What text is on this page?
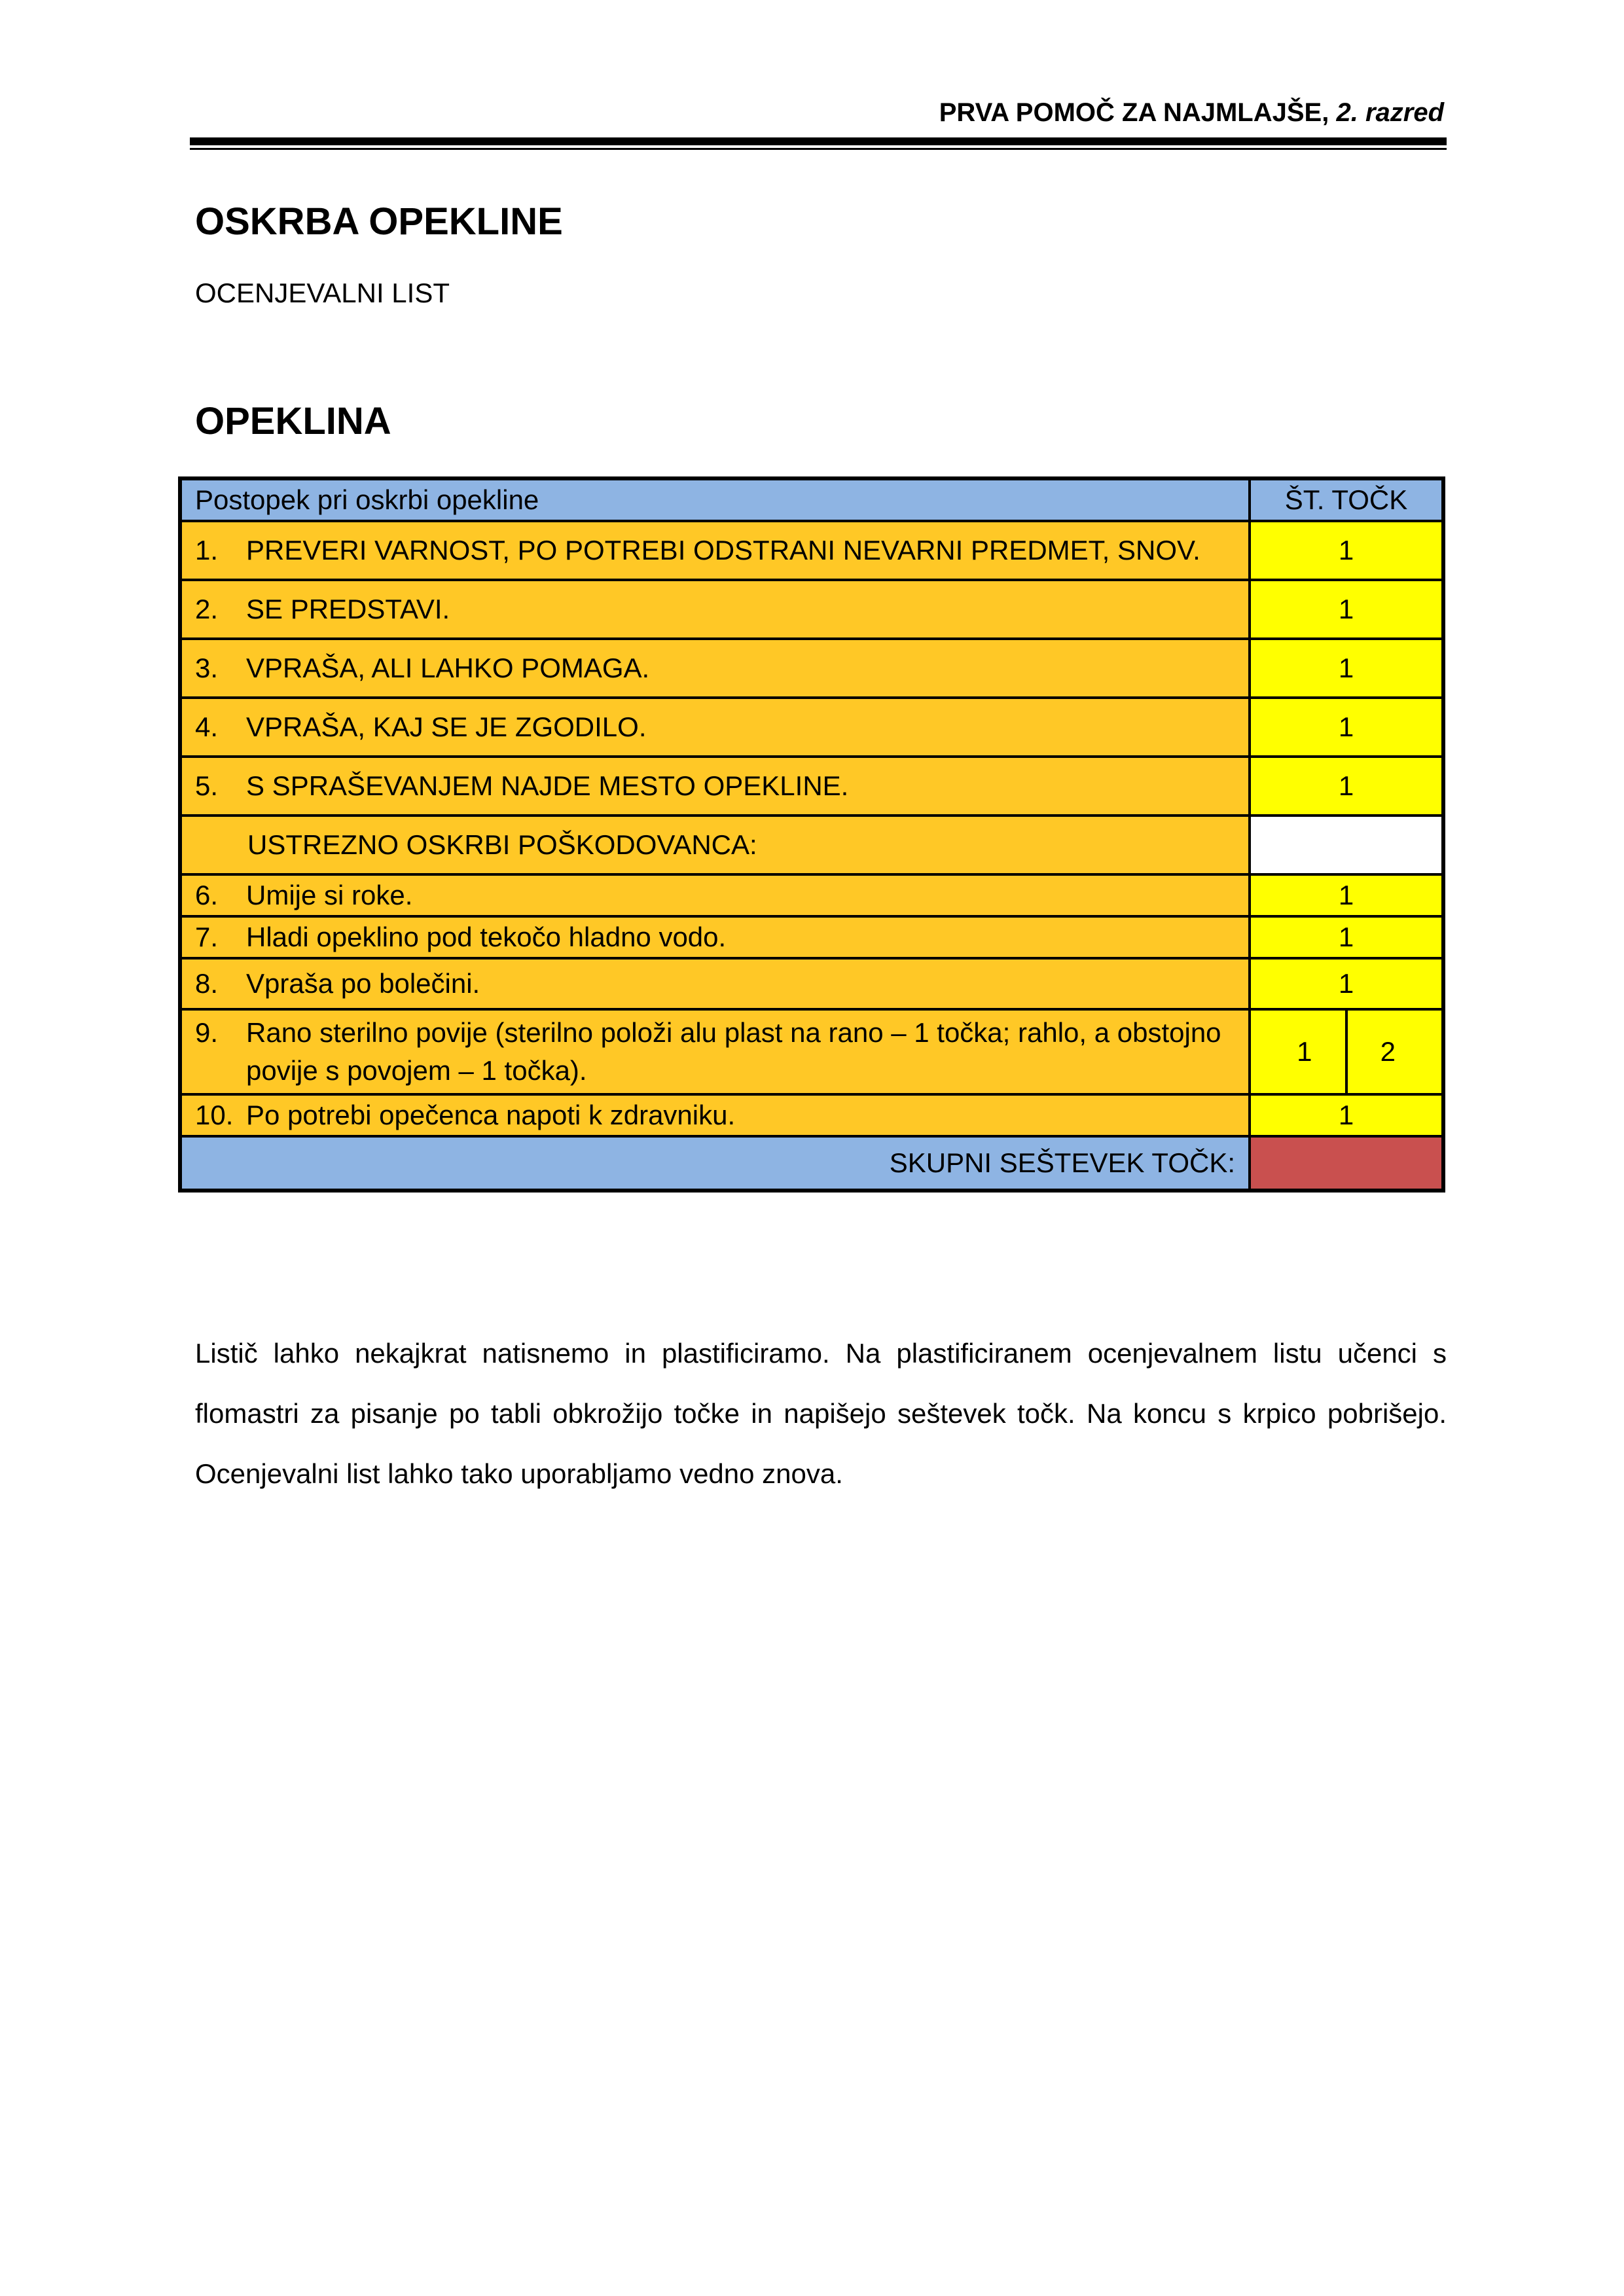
PRVA POMOČ ZA NAJMLAJŠE, 2. razred
OSKRBA OPEKLINE
OCENJEVALNI LIST
OPEKLINA
Postopek pri oskrbi opekline	ŠT. TOČK
1. PREVERI VARNOST, PO POTREBI ODSTRANI NEVARNI PREDMET, SNOV.	1
2. SE PREDSTAVI.	1
3. VPRAŠA, ALI LAHKO POMAGA.	1
4. VPRAŠA, KAJ SE JE ZGODILO.	1
5. S SPRAŠEVANJEM NAJDE MESTO OPEKLINE.	1
USTREZNO OSKRBI POŠKODOVANCA:	
6. Umije si roke.	1
7. Hladi opeklino pod tekočo hladno vodo.	1
8. Vpraša po bolečini.	1

9. Rano sterilno povije (sterilno položi alu plast na rano – 1 točka; rahlo, a obstojno povije s povojem – 1 točka).	1 2

10. Po potrebi opečenca napoti k zdravniku.	1
SKUPNI SEŠTEVEK TOČK:	

Listič lahko nekajkrat natisnemo in plastificiramo. Na plastificiranem ocenjevalnem listu učenci s flomastri za pisanje po tabli obkrožijo točke in napišejo seštevek točk. Na koncu s krpico pobrišejo. Ocenjevalni list lahko tako uporabljamo vedno znova.
